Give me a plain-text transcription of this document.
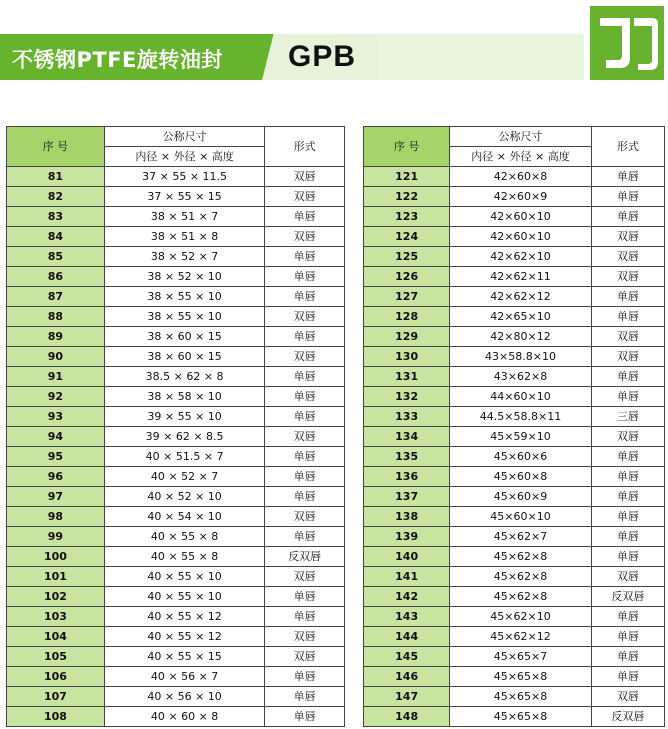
不锈钢PTFE旋转油封	GPB
序 号	公称尺寸	形式
	内径 × 外径 × 高度	
81	37 × 55 × 11.5	双唇
82	37 × 55 × 15	双唇
83	38 × 51 × 7	单唇
84	38 × 51 × 8	双唇
85	38 × 52 × 7	单唇
86	38 × 52 × 10	单唇
87	38 × 55 × 10	单唇
88	38 × 55 × 10	双唇
89	38 × 60 × 15	单唇
90	38 × 60 × 15	双唇
91	38.5 × 62 × 8	单唇
92	38 × 58 × 10	单唇
93	39 × 55 × 10	单唇
94	39 × 62 × 8.5	双唇
95	40 × 51.5 × 7	单唇
96	40 × 52 × 7	单唇
97	40 × 52 × 10	单唇
98	40 × 54 × 10	双唇
99	40 × 55 × 8	单唇
100	40 × 55 × 8	反双唇
101	40 × 55 × 10	双唇
102	40 × 55 × 10	单唇
103	40 × 55 × 12	单唇
104	40 × 55 × 12	双唇
105	40 × 55 × 15	双唇
106	40 × 56 × 7	单唇
107	40 × 56 × 10	单唇
108	40 × 60 × 8	单唇
序 号	公称尺寸	形式
	内径 × 外径 × 高度	
121	42×60×8	单唇
122	42×60×9	单唇
123	42×60×10	单唇
124	42×60×10	双唇
125	42×62×10	双唇
126	42×62×11	双唇
127	42×62×12	单唇
128	42×65×10	单唇
129	42×80×12	双唇
130	43×58.8×10	双唇
131	43×62×8	单唇
132	44×60×10	单唇
133	44.5×58.8×11	三唇
134	45×59×10	双唇
135	45×60×6	单唇
136	45×60×8	单唇
137	45×60×9	单唇
138	45×60×10	单唇
139	45×62×7	单唇
140	45×62×8	单唇
141	45×62×8	双唇
142	45×62×8	反双唇
143	45×62×10	单唇
144	45×62×12	单唇
145	45×65×7	单唇
146	45×65×8	单唇
147	45×65×8	双唇
148	45×65×8	反双唇
